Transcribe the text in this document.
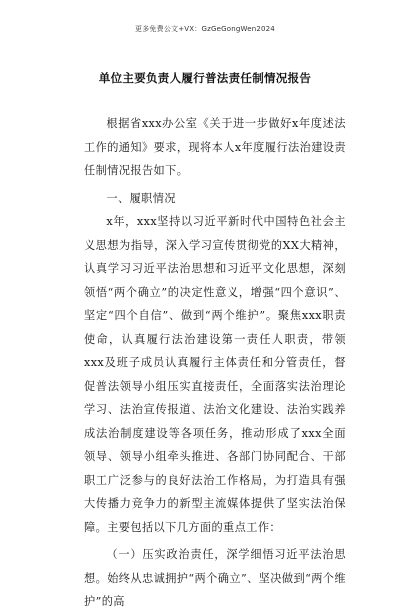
更多免费公文+VX：GzGeGongWen2024
单位主要负责人履行普法责任制情况报告

根据省xxx办公室《关于进一步做好x年度述法工作的通知》要求，现将本人x年度履行法治建设责任制情况报告如下。

一、履职情况

x年，xxx坚持以习近平新时代中国特色社会主义思想为指导，深入学习宣传贯彻党的XX大精神，认真学习习近平法治思想和习近平文化思想，深刻领悟“两个确立”的决定性意义，增强“四个意识”、坚定“四个自信”、做到“两个维护”。聚焦xxx职责使命，认真履行法治建设第一责任人职责，带领xxx及班子成员认真履行主体责任和分管责任，督促普法领导小组压实直接责任，全面落实法治理论学习、法治宣传报道、法治文化建设、法治实践养成法治制度建设等各项任务，推动形成了xxx全面领导、领导小组牵头推进、各部门协同配合、干部职工广泛参与的良好法治工作格局，为打造具有强大传播力竞争力的新型主流媒体提供了坚实法治保障。主要包括以下几方面的重点工作：

（一）压实政治责任，深学细悟习近平法治思想。始终从忠诚拥护“两个确立”、坚决做到“两个维护”的高
